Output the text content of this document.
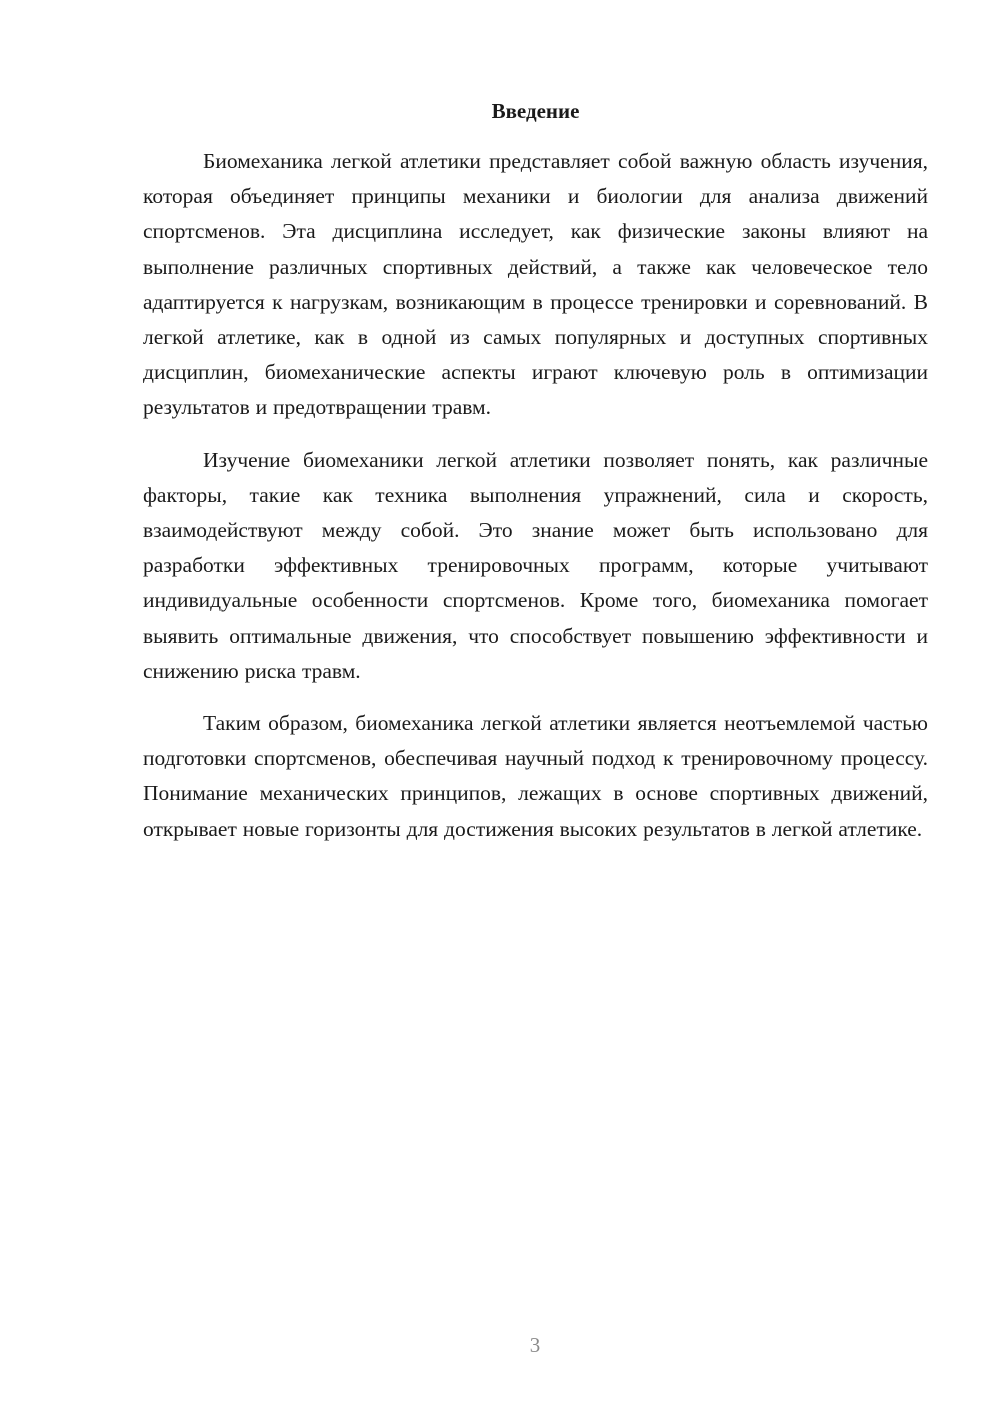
Введение

Биомеханика легкой атлетики представляет собой важную область изучения, которая объединяет принципы механики и биологии для анализа движений спортсменов. Эта дисциплина исследует, как физические законы влияют на выполнение различных спортивных действий, а также как человеческое тело адаптируется к нагрузкам, возникающим в процессе тренировки и соревнований. В легкой атлетике, как в одной из самых популярных и доступных спортивных дисциплин, биомеханические аспекты играют ключевую роль в оптимизации результатов и предотвращении травм.

Изучение биомеханики легкой атлетики позволяет понять, как различные факторы, такие как техника выполнения упражнений, сила и скорость, взаимодействуют между собой. Это знание может быть использовано для разработки эффективных тренировочных программ, которые учитывают индивидуальные особенности спортсменов. Кроме того, биомеханика помогает выявить оптимальные движения, что способствует повышению эффективности и снижению риска травм.

Таким образом, биомеханика легкой атлетики является неотъемлемой частью подготовки спортсменов, обеспечивая научный подход к тренировочному процессу. Понимание механических принципов, лежащих в основе спортивных движений, открывает новые горизонты для достижения высоких результатов в легкой атлетике.

3
